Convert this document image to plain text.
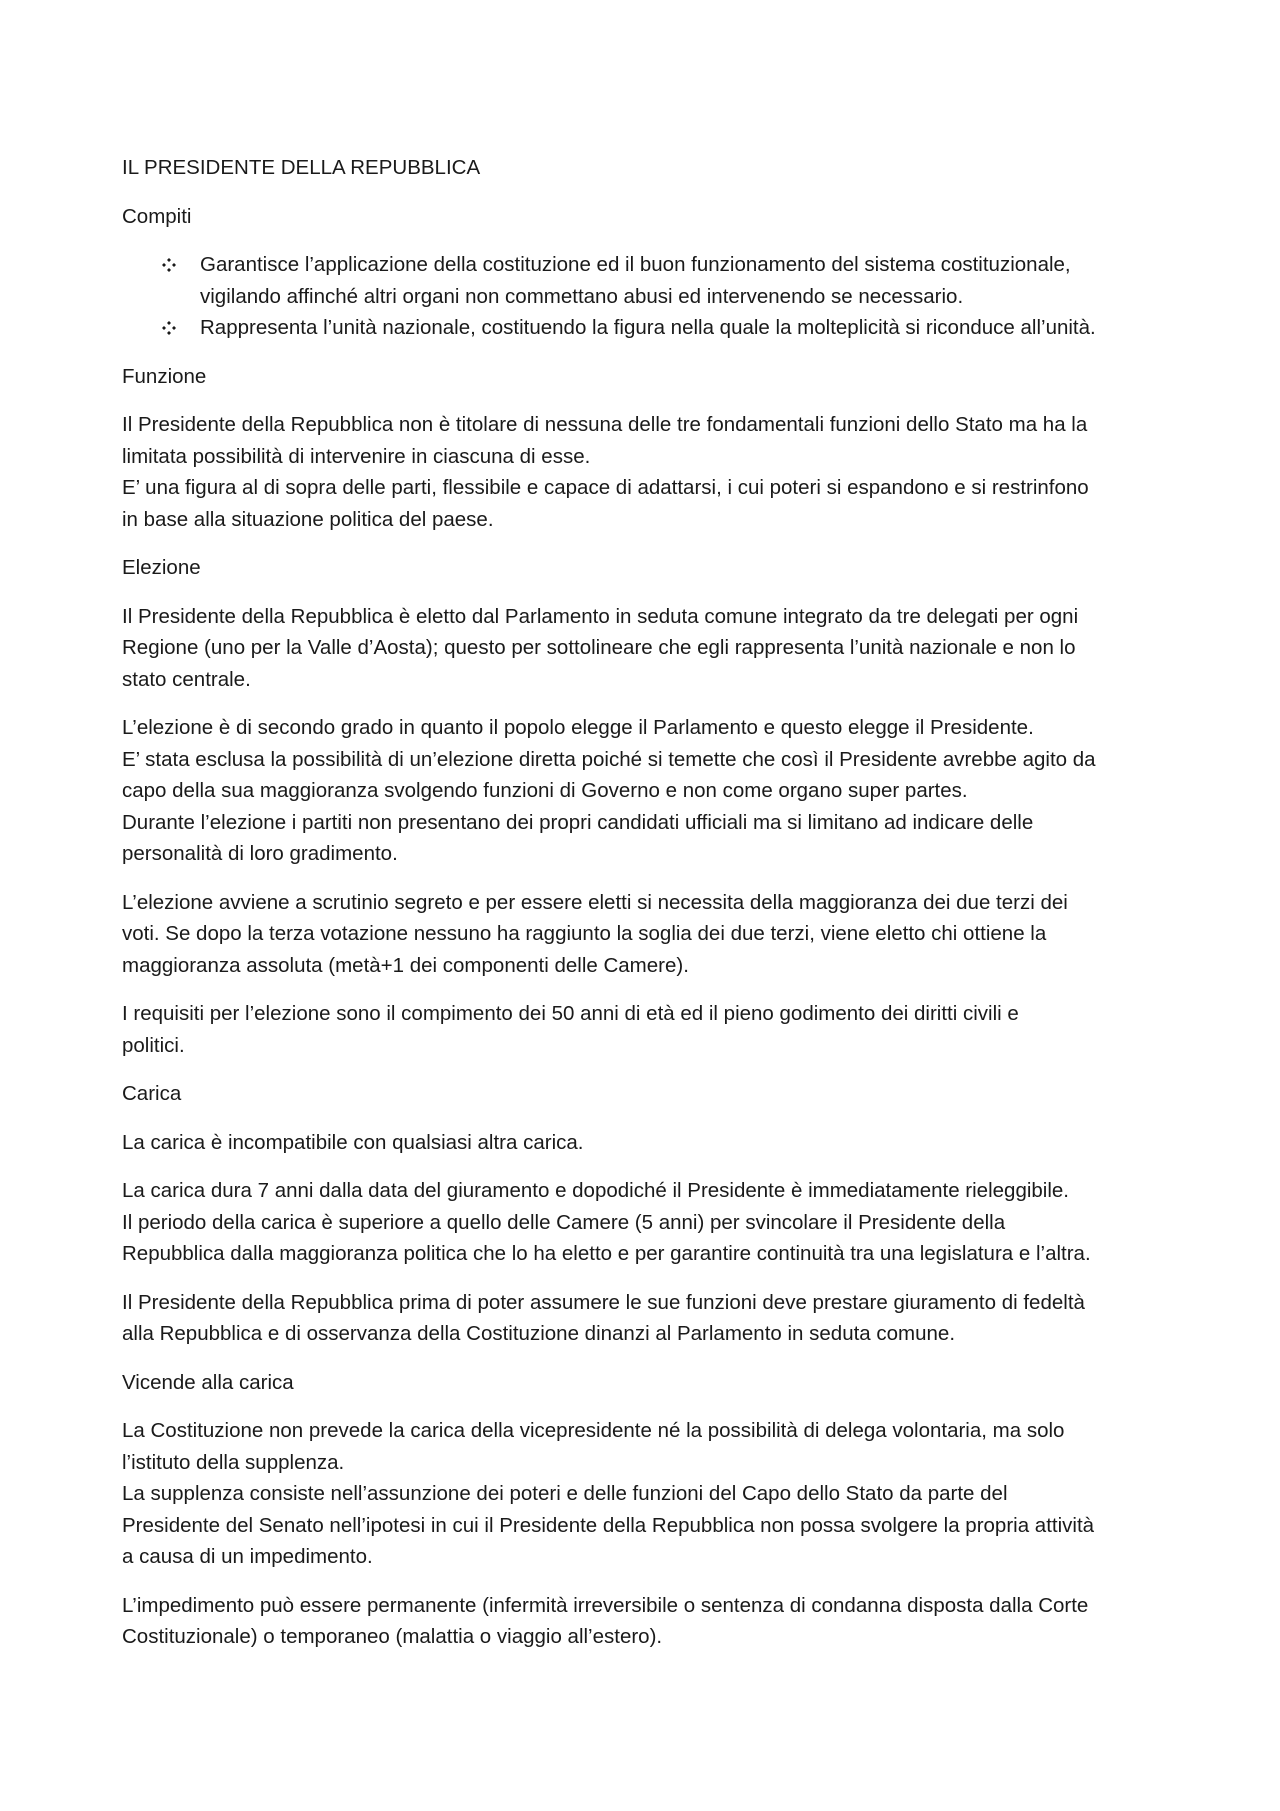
IL PRESIDENTE DELLA REPUBBLICA

Compiti

Garantisce l’applicazione della costituzione ed il buon funzionamento del sistema costituzionale,
vigilando affinché altri organi non commettano abusi ed intervenendo se necessario.
Rappresenta l’unità nazionale, costituendo la figura nella quale la molteplicità si riconduce all’unità.

Funzione

Il Presidente della Repubblica non è titolare di nessuna delle tre fondamentali funzioni dello Stato ma ha la
limitata possibilità di intervenire in ciascuna di esse.
E’ una figura al di sopra delle parti, flessibile e capace di adattarsi, i cui poteri si espandono e si restrinfono
in base alla situazione politica del paese.

Elezione

Il Presidente della Repubblica è eletto dal Parlamento in seduta comune integrato da tre delegati per ogni
Regione (uno per la Valle d’Aosta); questo per sottolineare che egli rappresenta l’unità nazionale e non lo
stato centrale.

L’elezione è di secondo grado in quanto il popolo elegge il Parlamento e questo elegge il Presidente.
E’ stata esclusa la possibilità di un’elezione diretta poiché si temette che così il Presidente avrebbe agito da
capo della sua maggioranza svolgendo funzioni di Governo e non come organo super partes.
Durante l’elezione i partiti non presentano dei propri candidati ufficiali ma si limitano ad indicare delle
personalità di loro gradimento.

L’elezione avviene a scrutinio segreto e per essere eletti si necessita della maggioranza dei due terzi dei
voti. Se dopo la terza votazione nessuno ha raggiunto la soglia dei due terzi, viene eletto chi ottiene la
maggioranza assoluta (metà+1 dei componenti delle Camere).

I requisiti per l’elezione sono il compimento dei 50 anni di età ed il pieno godimento dei diritti civili e
politici.

Carica

La carica è incompatibile con qualsiasi altra carica.

La carica dura 7 anni dalla data del giuramento e dopodiché il Presidente è immediatamente rieleggibile.
Il periodo della carica è superiore a quello delle Camere (5 anni) per svincolare il Presidente della
Repubblica dalla maggioranza politica che lo ha eletto e per garantire continuità tra una legislatura e l’altra.

Il Presidente della Repubblica prima di poter assumere le sue funzioni deve prestare giuramento di fedeltà
alla Repubblica e di osservanza della Costituzione dinanzi al Parlamento in seduta comune.

Vicende alla carica

La Costituzione non prevede la carica della vicepresidente né la possibilità di delega volontaria, ma solo
l’istituto della supplenza.
La supplenza consiste nell’assunzione dei poteri e delle funzioni del Capo dello Stato da parte del
Presidente del Senato nell’ipotesi in cui il Presidente della Repubblica non possa svolgere la propria attività
a causa di un impedimento.

L’impedimento può essere permanente (infermità irreversibile o sentenza di condanna disposta dalla Corte
Costituzionale) o temporaneo (malattia o viaggio all’estero).
